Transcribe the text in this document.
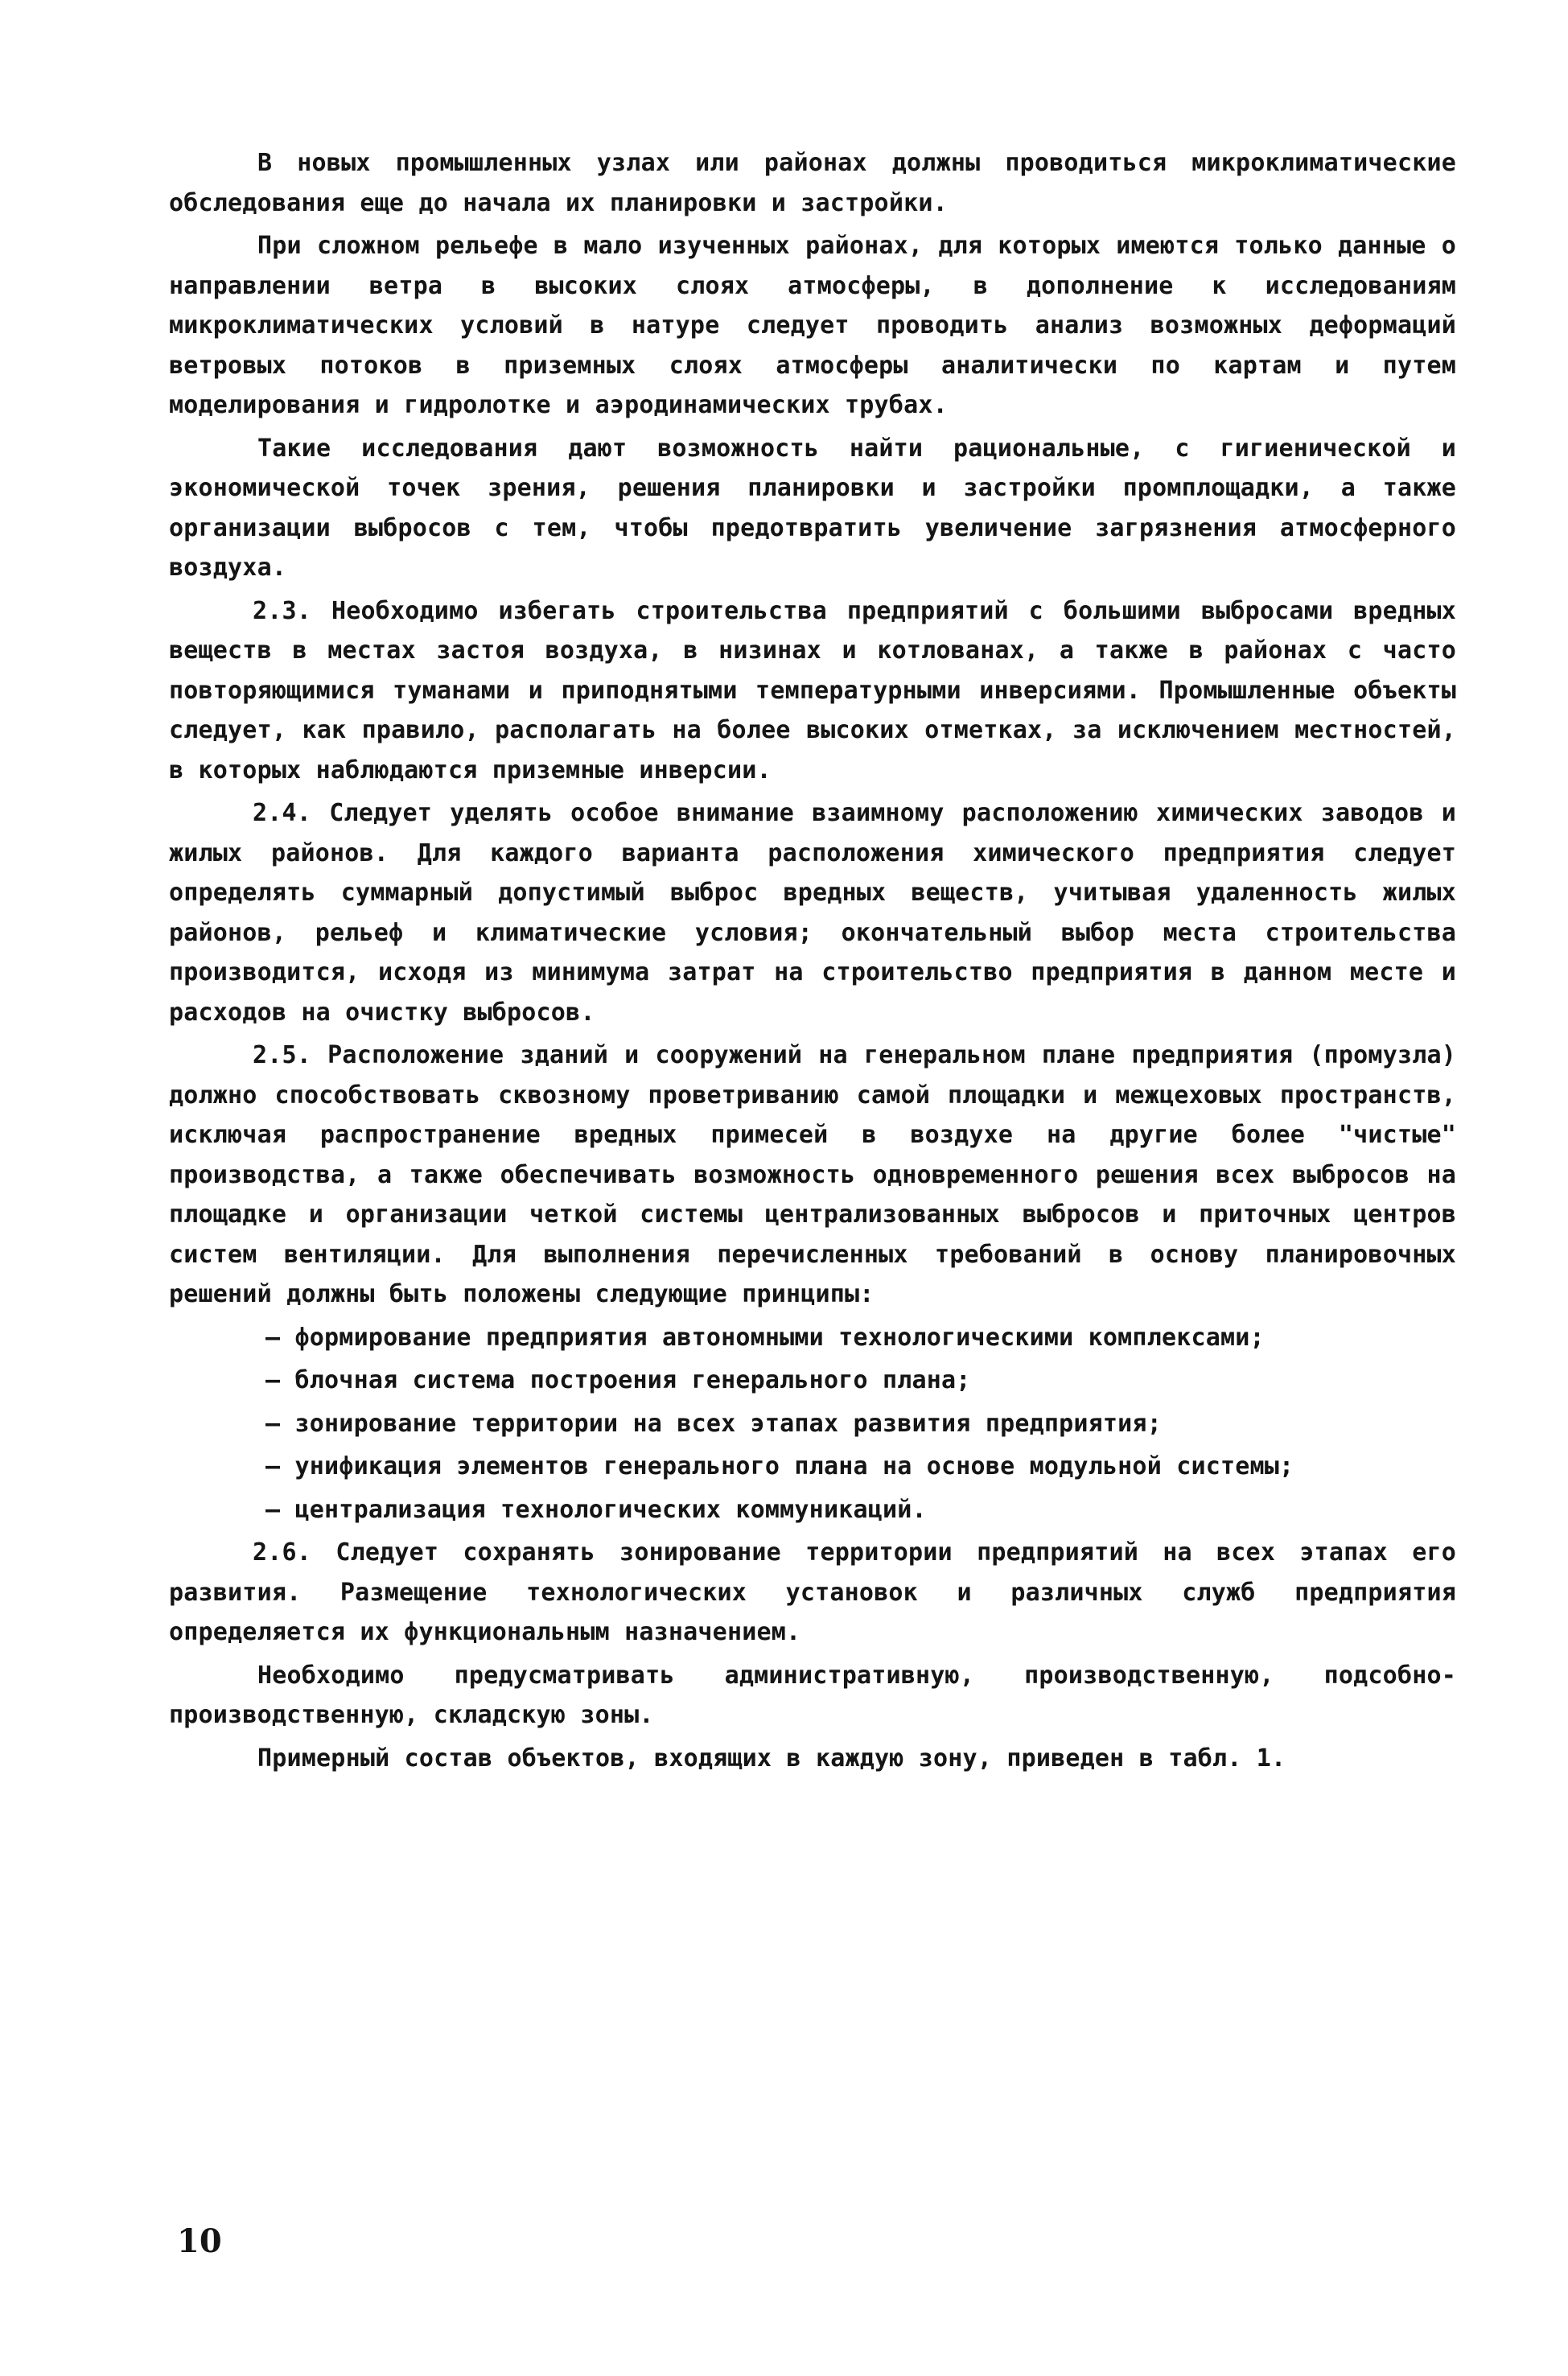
В новых промышленных узлах или районах должны проводиться микроклиматические обследования еще до начала их планировки и застройки.

При сложном рельефе в мало изученных районах, для которых имеются только данные о направлении ветра в высоких слоях атмосферы, в дополнение к исследованиям микроклиматических условий в натуре следует проводить анализ возможных деформаций ветровых потоков в приземных слоях атмосферы аналитически по картам и путем моделирования и гидролотке и аэродинамических трубах.

Такие исследования дают возможность найти рациональные, с гигиенической и экономической точек зрения, решения планировки и застройки промплощадки, а также организации выбросов с тем, чтобы предотвратить увеличение загрязнения атмосферного воздуха.

2.3. Необходимо избегать строительства предприятий с большими выбросами вредных веществ в местах застоя воздуха, в низинах и котлованах, а также в районах с часто повторяющимися туманами и приподнятыми температурными инверсиями. Промышленные объекты следует, как правило, располагать на более высоких отметках, за исключением местностей, в которых наблюдаются приземные инверсии.

2.4. Следует уделять особое внимание взаимному расположению химических заводов и жилых районов. Для каждого варианта расположения химического предприятия следует определять суммарный допустимый выброс вредных веществ, учитывая удаленность жилых районов, рельеф и климатические условия; окончательный выбор места строительства производится, исходя из минимума затрат на строительство предприятия в данном месте и расходов на очистку выбросов.

2.5. Расположение зданий и сооружений на генеральном плане предприятия (промузла) должно способствовать сквозному проветриванию самой площадки и межцеховых пространств, исключая распространение вредных примесей в воздухе на другие более "чистые" производства, а также обеспечивать возможность одновременного решения всех выбросов на площадке и организации четкой системы централизованных выбросов и приточных центров систем вентиляции. Для выполнения перечисленных требований в основу планировочных решений должны быть положены следующие принципы:

– формирование предприятия автономными технологическими комплексами;

– блочная система построения генерального плана;

– зонирование территории на всех этапах развития предприятия;

– унификация элементов генерального плана на основе модульной системы;

– централизация технологических коммуникаций.

2.6. Следует сохранять зонирование территории предприятий на всех этапах его развития. Размещение технологических установок и различных служб предприятия определяется их функциональным назначением.

Необходимо предусматривать административную, производственную, подсобно-производственную, складскую зоны.

Примерный состав объектов, входящих в каждую зону, приведен в табл. 1.

10
